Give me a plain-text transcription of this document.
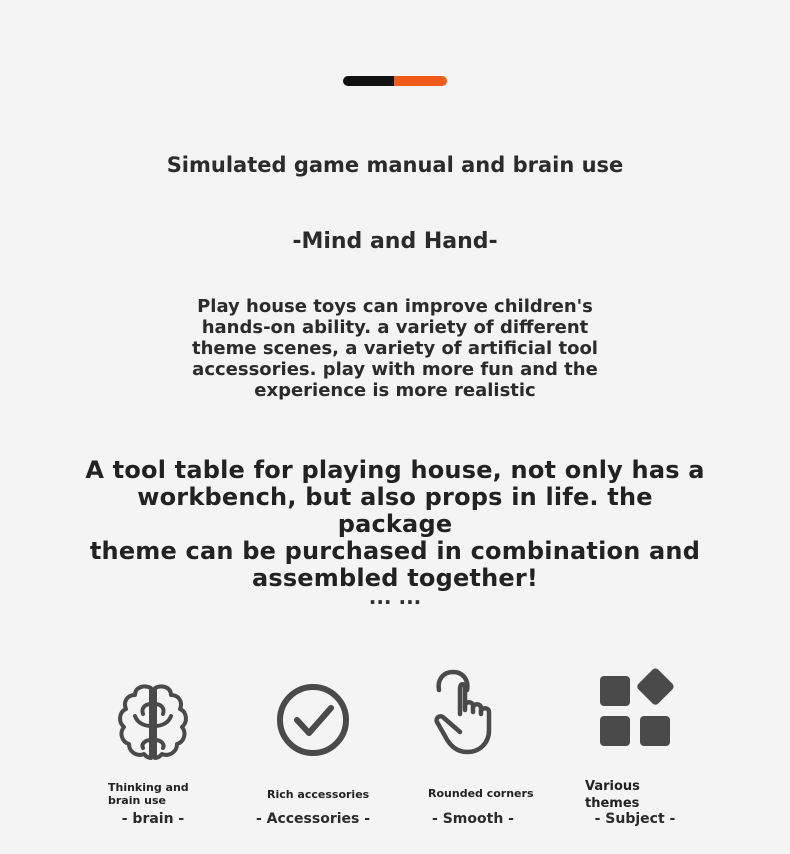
Simulated game manual and brain use
-Mind and Hand-
Play house toys can improve children's
hands-on ability. a variety of different
theme scenes, a variety of artificial tool
accessories. play with more fun and the
experience is more realistic
A tool table for playing house, not only has a
workbench, but also props in life. the package
theme can be purchased in combination and
assembled together!
... ...
Thinking and
brain use
- brain -
Rich accessories
- Accessories -
Rounded corners
- Smooth -
Various
themes
- Subject -
